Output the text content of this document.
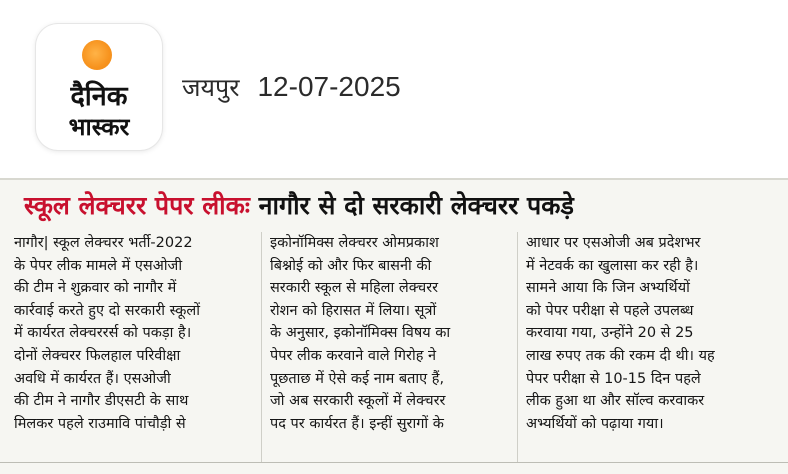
दैनिक
भास्कर
जयपुर 12-07-2025
स्कूल लेक्चरर पेपर लीकः नागौर से दो सरकारी लेक्चरर पकड़े
नागौर| स्कूल लेक्चरर भर्ती-2022
के पेपर लीक मामले में एसओजी
की टीम ने शुक्रवार को नागौर में
कार्रवाई करते हुए दो सरकारी स्कूलों
में कार्यरत लेक्चररर्स को पकड़ा है।
दोनों लेक्चरर फिलहाल परिवीक्षा
अवधि में कार्यरत हैं। एसओजी
की टीम ने नागौर डीएसटी के साथ
मिलकर पहले राउमावि पांचौड़ी से
इकोनॉमिक्स लेक्चरर ओमप्रकाश
बिश्नोई को और फिर बासनी की
सरकारी स्कूल से महिला लेक्चरर
रोशन को हिरासत में लिया। सूत्रों
के अनुसार, इकोनॉमिक्स विषय का
पेपर लीक करवाने वाले गिरोह ने
पूछताछ में ऐसे कई नाम बताए हैं,
जो अब सरकारी स्कूलों में लेक्चरर
पद पर कार्यरत हैं। इन्हीं सुरागों के
आधार पर एसओजी अब प्रदेशभर
में नेटवर्क का खुलासा कर रही है।
सामने आया कि जिन अभ्यर्थियों
को पेपर परीक्षा से पहले उपलब्ध
करवाया गया, उन्होंने 20 से 25
लाख रुपए तक की रकम दी थी। यह
पेपर परीक्षा से 10-15 दिन पहले
लीक हुआ था और सॉल्व करवाकर
अभ्यर्थियों को पढ़ाया गया।
